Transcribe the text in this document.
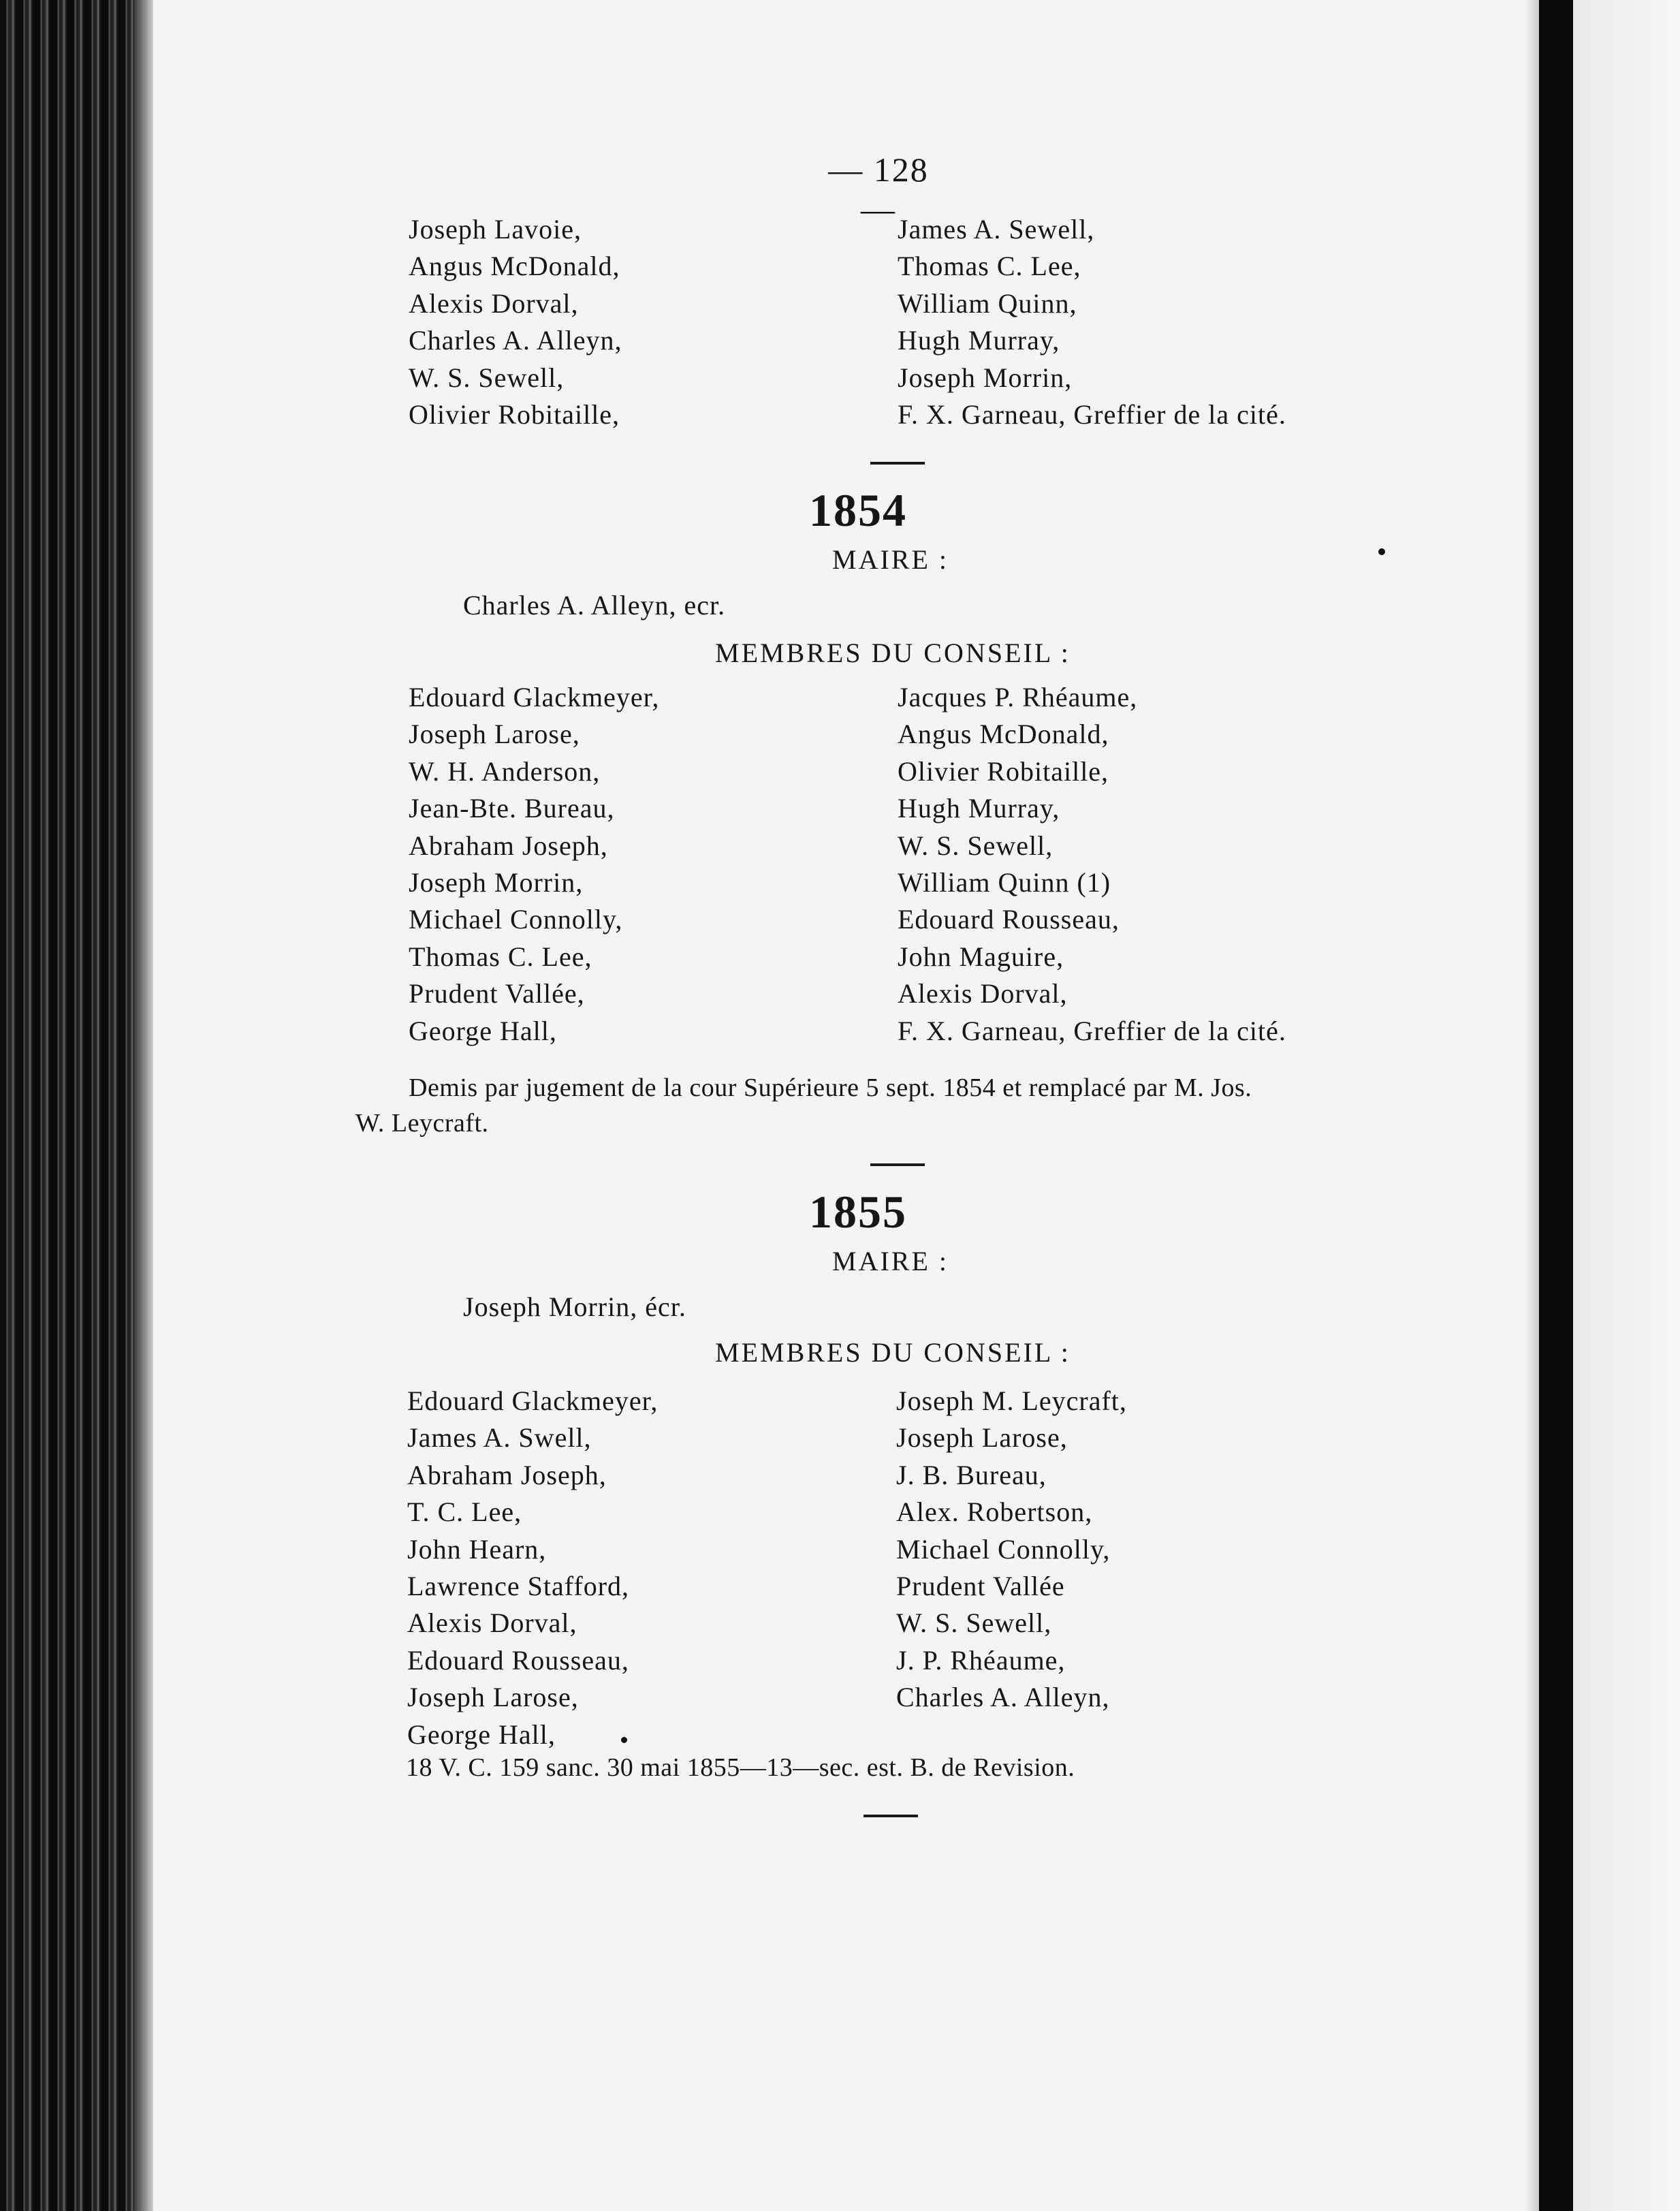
— 128 —
Joseph Lavoie,
Angus McDonald,
Alexis Dorval,
Charles A. Alleyn,
W. S. Sewell,
Olivier Robitaille,
James A. Sewell,
Thomas C. Lee,
William Quinn,
Hugh Murray,
Joseph Morrin,
F. X. Garneau, Greffier de la cité.
1854
MAIRE :
Charles A. Alleyn, ecr.
MEMBRES DU CONSEIL :
Edouard Glackmeyer,
Joseph Larose,
W. H. Anderson,
Jean-Bte. Bureau,
Abraham Joseph,
Joseph Morrin,
Michael Connolly,
Thomas C. Lee,
Prudent Vallée,
George Hall,
Jacques P. Rhéaume,
Angus McDonald,
Olivier Robitaille,
Hugh Murray,
W. S. Sewell,
William Quinn (1)
Edouard Rousseau,
John Maguire,
Alexis Dorval,
F. X. Garneau, Greffier de la cité.
Demis par jugement de la cour Supérieure 5 sept. 1854 et remplacé par M. Jos.
W. Leycraft.
1855
MAIRE :
Joseph Morrin, écr.
MEMBRES DU CONSEIL :
Edouard Glackmeyer,
James A. Swell,
Abraham Joseph,
T. C. Lee,
John Hearn,
Lawrence Stafford,
Alexis Dorval,
Edouard Rousseau,
Joseph Larose,
George Hall,
Joseph M. Leycraft,
Joseph Larose,
J. B. Bureau,
Alex. Robertson,
Michael Connolly,
Prudent Vallée
W. S. Sewell,
J. P. Rhéaume,
Charles A. Alleyn,
18 V. C. 159 sanc. 30 mai 1855—13—sec. est. B. de Revision.
